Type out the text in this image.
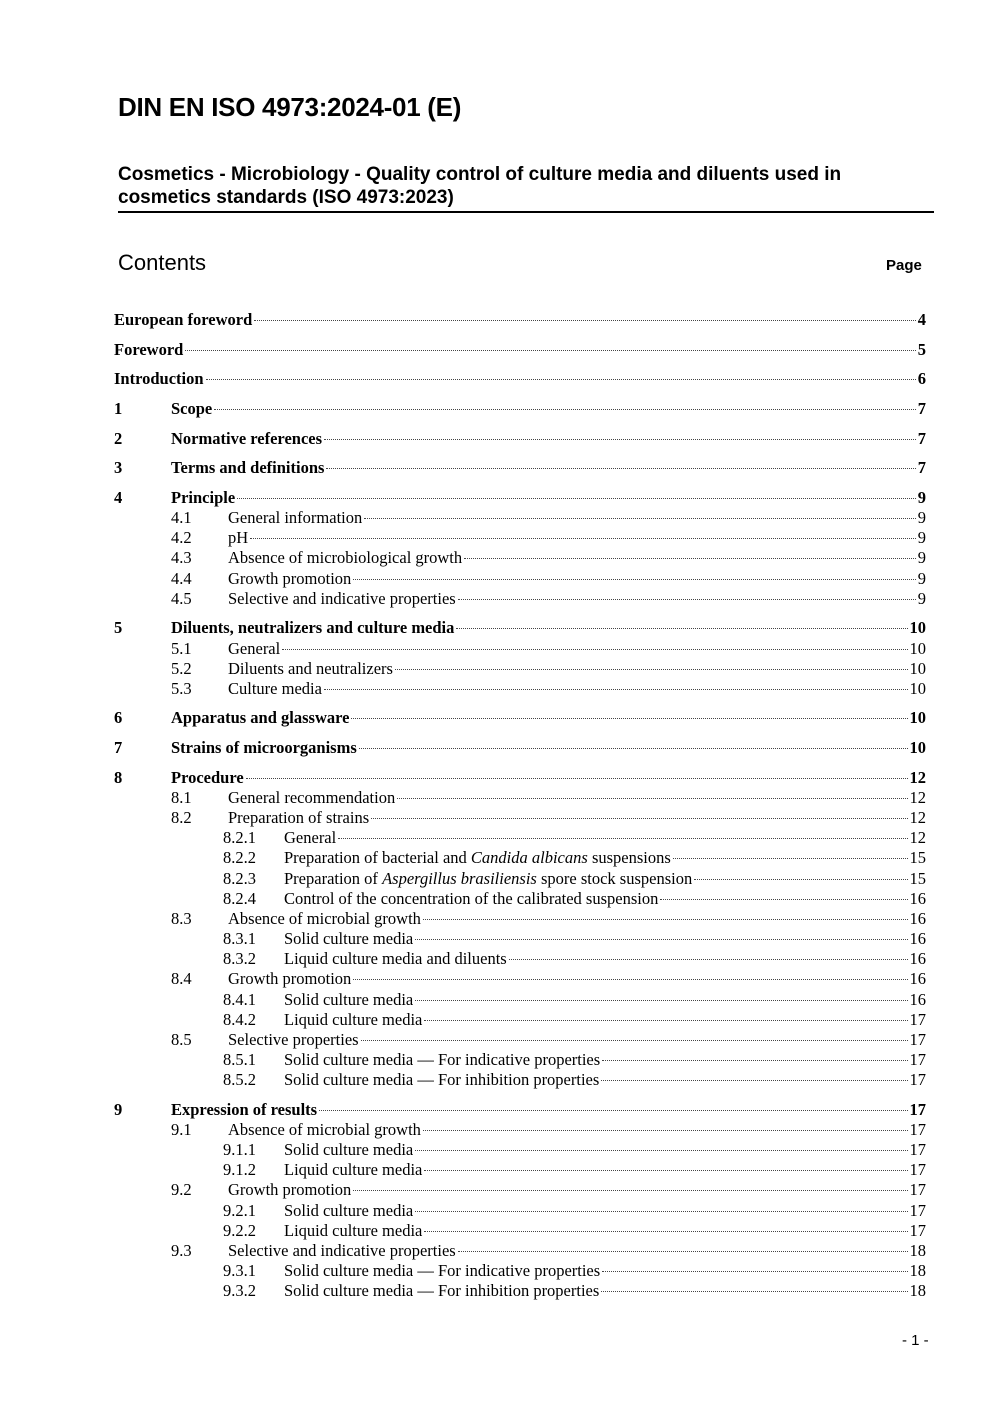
DIN EN ISO 4973:2024-01 (E)
Cosmetics - Microbiology - Quality control of culture media and diluents used in
cosmetics standards (ISO 4973:2023)
Contents	Page
European foreword	4
Foreword	5
Introduction	6
1	Scope	7
2	Normative references	7
3	Terms and definitions	7
4	Principle	9
4.1 General information	9
4.2 pH	9
4.3 Absence of microbiological growth	9
4.4 Growth promotion	9
4.5 Selective and indicative properties	9
5	Diluents, neutralizers and culture media	10
5.1 General	10
5.2 Diluents and neutralizers	10
5.3 Culture media	10
6	Apparatus and glassware	10
7	Strains of microorganisms	10
8	Procedure	12
8.1 General recommendation	12
8.2 Preparation of strains	12
8.2.1 General	12
8.2.2 Preparation of bacterial and Candida albicans suspensions	15
8.2.3 Preparation of Aspergillus brasiliensis spore stock suspension	15
8.2.4 Control of the concentration of the calibrated suspension	16
8.3 Absence of microbial growth	16
8.3.1 Solid culture media	16
8.3.2 Liquid culture media and diluents	16
8.4 Growth promotion	16
8.4.1 Solid culture media	16
8.4.2 Liquid culture media	17
8.5 Selective properties	17
8.5.1 Solid culture media — For indicative properties	17
8.5.2 Solid culture media — For inhibition properties	17
9	Expression of results	17
9.1 Absence of microbial growth	17
9.1.1 Solid culture media	17
9.1.2 Liquid culture media	17
9.2 Growth promotion	17
9.2.1 Solid culture media	17
9.2.2 Liquid culture media	17
9.3 Selective and indicative properties	18
9.3.1 Solid culture media — For indicative properties	18
9.3.2 Solid culture media — For inhibition properties	18
- 1 -
